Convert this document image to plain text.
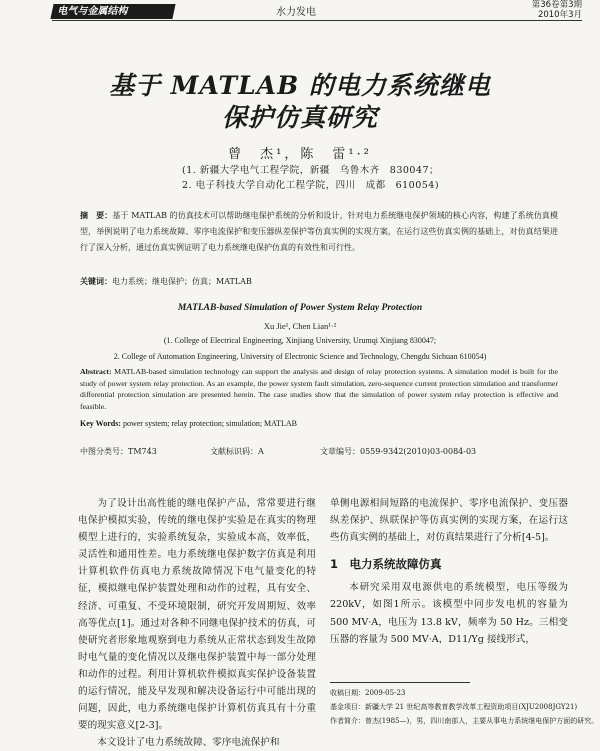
电气与金属结构	水力发电
第36卷第3期
2010年3月
基于 MATLAB 的电力系统继电
保护仿真研究
曾　杰¹，陈　雷¹·²
(1. 新疆大学电气工程学院，新疆　乌鲁木齐　830047；
2. 电子科技大学自动化工程学院，四川　成都　610054)
摘　要：基于 MATLAB 的仿真技术可以帮助继电保护系统的分析和设计，针对电力系统继电保护领域的核心内容，构建了系统仿真模型，举例说明了电力系统故障、零序电流保护和变压器纵差保护等仿真实例的实现方案，在运行这些仿真实例的基础上，对仿真结果进行了深入分析，通过仿真实例证明了电力系统继电保护仿真的有效性和可行性。
关键词：电力系统；继电保护；仿真；MATLAB
MATLAB-based Simulation of Power System Relay Protection
Xu Jie¹, Chen Lian¹·²
(1. College of Electrical Engineering, Xinjiang University, Urumqi Xinjiang 830047;
2. College of Automation Engineering, University of Electronic Science and Technology, Chengdu Sichuan 610054)
Abstract: MATLAB-based simulation technology can support the analysis and design of relay protection systems. A simulation model is built for the study of power system relay protection. As an example, the power system fault simulation, zero-sequence current protection simulation and transformer differential protection simulation are presented herein. The case studies show that the simulation of power system relay protection is effective and feasible.
Key Words: power system; relay protection; simulation; MATLAB
中图分类号：TM743	文献标识码：A	文章编号：0559-9342(2010)03-0084-03

为了设计出高性能的继电保护产品，常常要进行继电保护模拟实验，传统的继电保护实验是在真实的物理模型上进行的，实验系统复杂，实验成本高，效率低，灵活性和通用性差。电力系统继电保护数字仿真是利用计算机软件仿真电力系统故障情况下电气量变化的特征，模拟继电保护装置处理和动作的过程，具有安全、经济、可重复、不受环境限制，研究开发周期短、效率高等优点[1]。通过对各种不同继电保护技术的仿真，可使研究者形象地观察到电力系统从正常状态到发生故障时电气量的变化情况以及继电保护装置中每一部分处理和动作的过程。利用计算机软件模拟真实保护设备装置的运行情况，能及早发现和解决设备运行中可能出现的问题，因此，电力系统继电保护计算机仿真具有十分重要的现实意义[2-3]。

本文设计了电力系统故障、零序电流保护和

单侧电源相间短路的电流保护、零序电流保护、变压器纵差保护、纵联保护等仿真实例的实现方案，在运行这些仿真实例的基础上，对仿真结果进行了分析[4-5]。

1　电力系统故障仿真

本研究采用双电源供电的系统模型，电压等级为220kV，如图1所示。该模型中同步发电机的容量为 500 MV·A，电压为 13.8 kV，频率为 50 Hz。三相变压器的容量为 500 MV·A，D11/Yg 接线形式，

收稿日期：2009-05-23
基金项目：新疆大学 21 世纪高等教育教学改革工程资助项目(XJU2008JGY21)
作者简介：曾杰(1985—)，男，四川南部人，主要从事电力系统继电保护方面的研究。
